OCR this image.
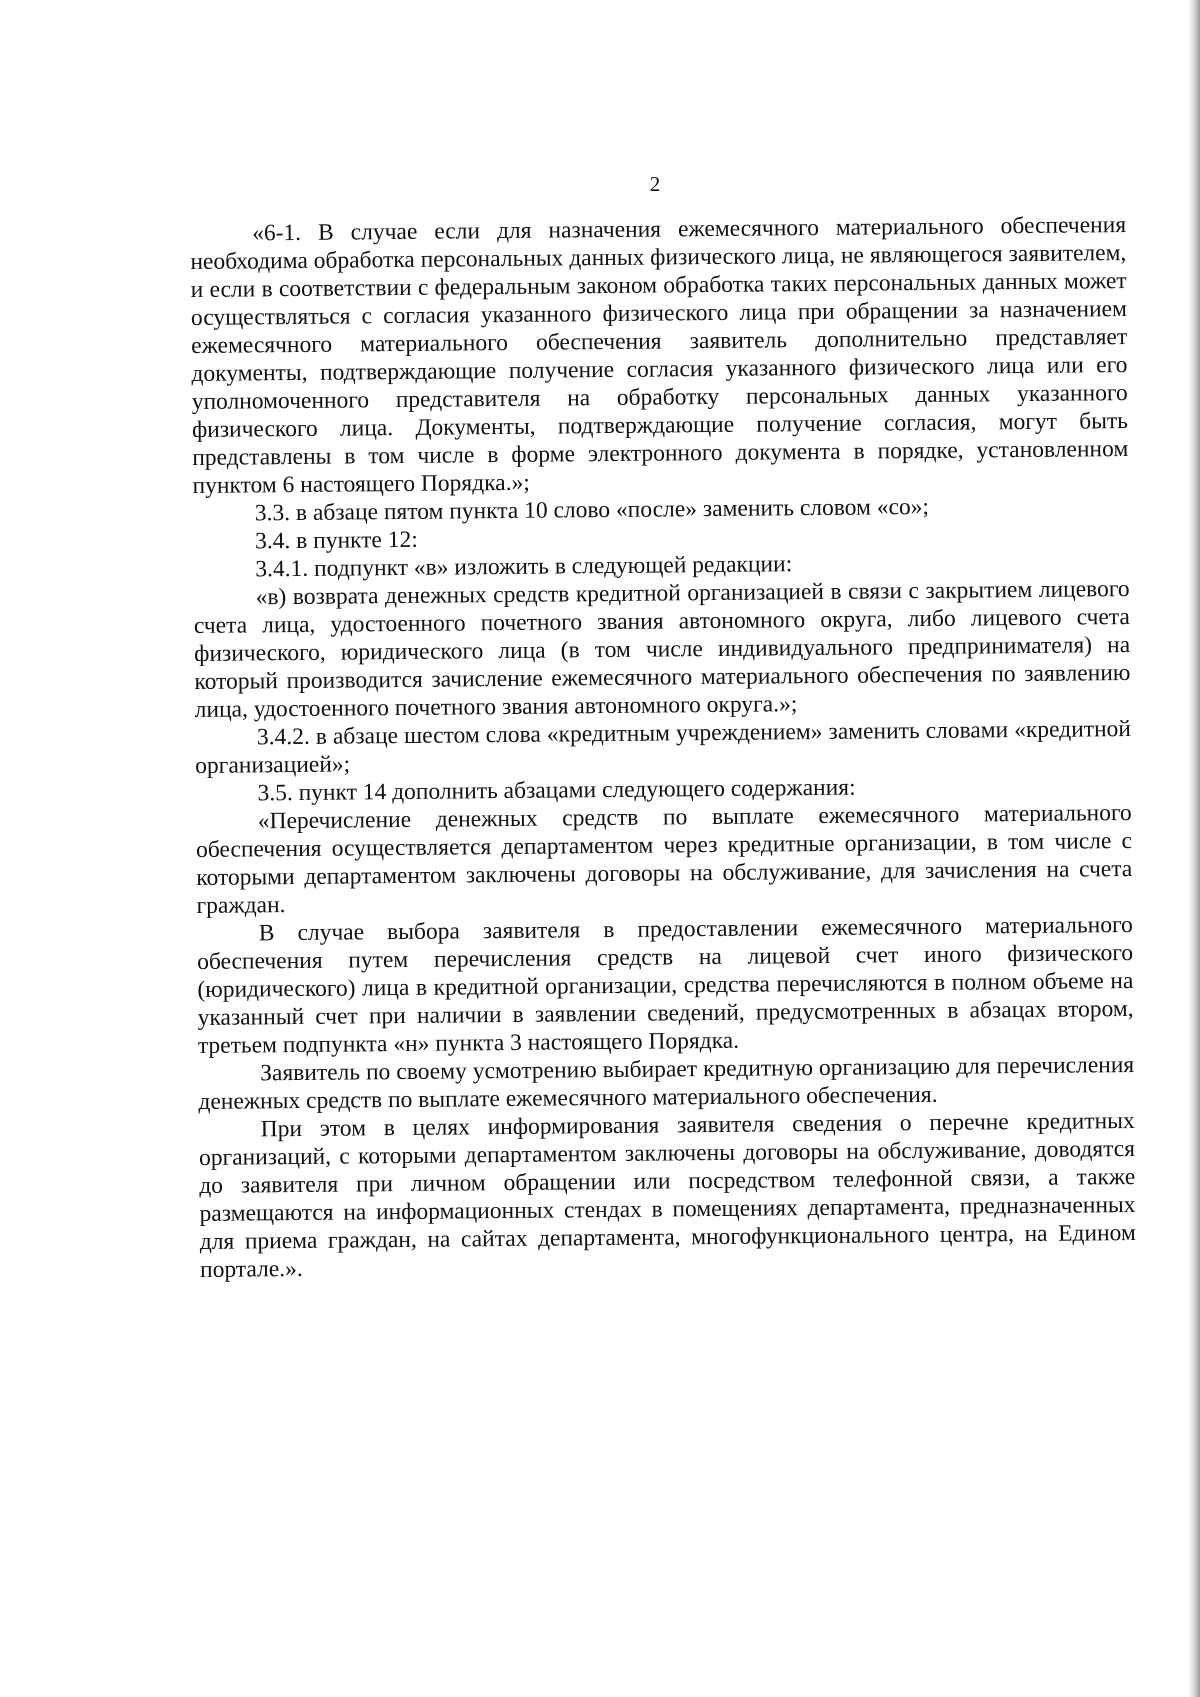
2

«6-1. В случае если для назначения ежемесячного материального обеспечения необходима обработка персональных данных физического лица, не являющегося заявителем, и если в соответствии с федеральным законом обработка таких персональных данных может осуществляться с согласия указанного физического лица при обращении за назначением ежемесячного материального обеспечения заявитель дополнительно представляет документы, подтверждающие получение согласия указанного физического лица или его уполномоченного представителя на обработку персональных данных указанного физического лица. Документы, подтверждающие получение согласия, могут быть представлены в том числе в форме электронного документа в порядке, установленном пунктом 6 настоящего Порядка.»;

3.3. в абзаце пятом пункта 10 слово «после» заменить словом «со»;

3.4. в пункте 12:

3.4.1. подпункт «в» изложить в следующей редакции:

«в) возврата денежных средств кредитной организацией в связи с закрытием лицевого счета лица, удостоенного почетного звания автономного округа, либо лицевого счета физического, юридического лица (в том числе индивидуального предпринимателя) на который производится зачисление ежемесячного материального обеспечения по заявлению лица, удостоенного почетного звания автономного округа.»;

3.4.2. в абзаце шестом слова «кредитным учреждением» заменить словами «кредитной организацией»;

3.5. пункт 14 дополнить абзацами следующего содержания:

«Перечисление денежных средств по выплате ежемесячного материального обеспечения осуществляется департаментом через кредитные организации, в том числе с которыми департаментом заключены договоры на обслуживание, для зачисления на счета граждан.

В случае выбора заявителя в предоставлении ежемесячного материального обеспечения путем перечисления средств на лицевой счет иного физического (юридического) лица в кредитной организации, средства перечисляются в полном объеме на указанный счет при наличии в заявлении сведений, предусмотренных в абзацах втором, третьем подпункта «н» пункта 3 настоящего Порядка.

Заявитель по своему усмотрению выбирает кредитную организацию для перечисления денежных средств по выплате ежемесячного материального обеспечения.

При этом в целях информирования заявителя сведения о перечне кредитных организаций, с которыми департаментом заключены договоры на обслуживание, доводятся до заявителя при личном обращении или посредством телефонной связи, а также размещаются на информационных стендах в помещениях департамента, предназначенных для приема граждан, на сайтах департамента, многофункционального центра, на Едином портале.».
